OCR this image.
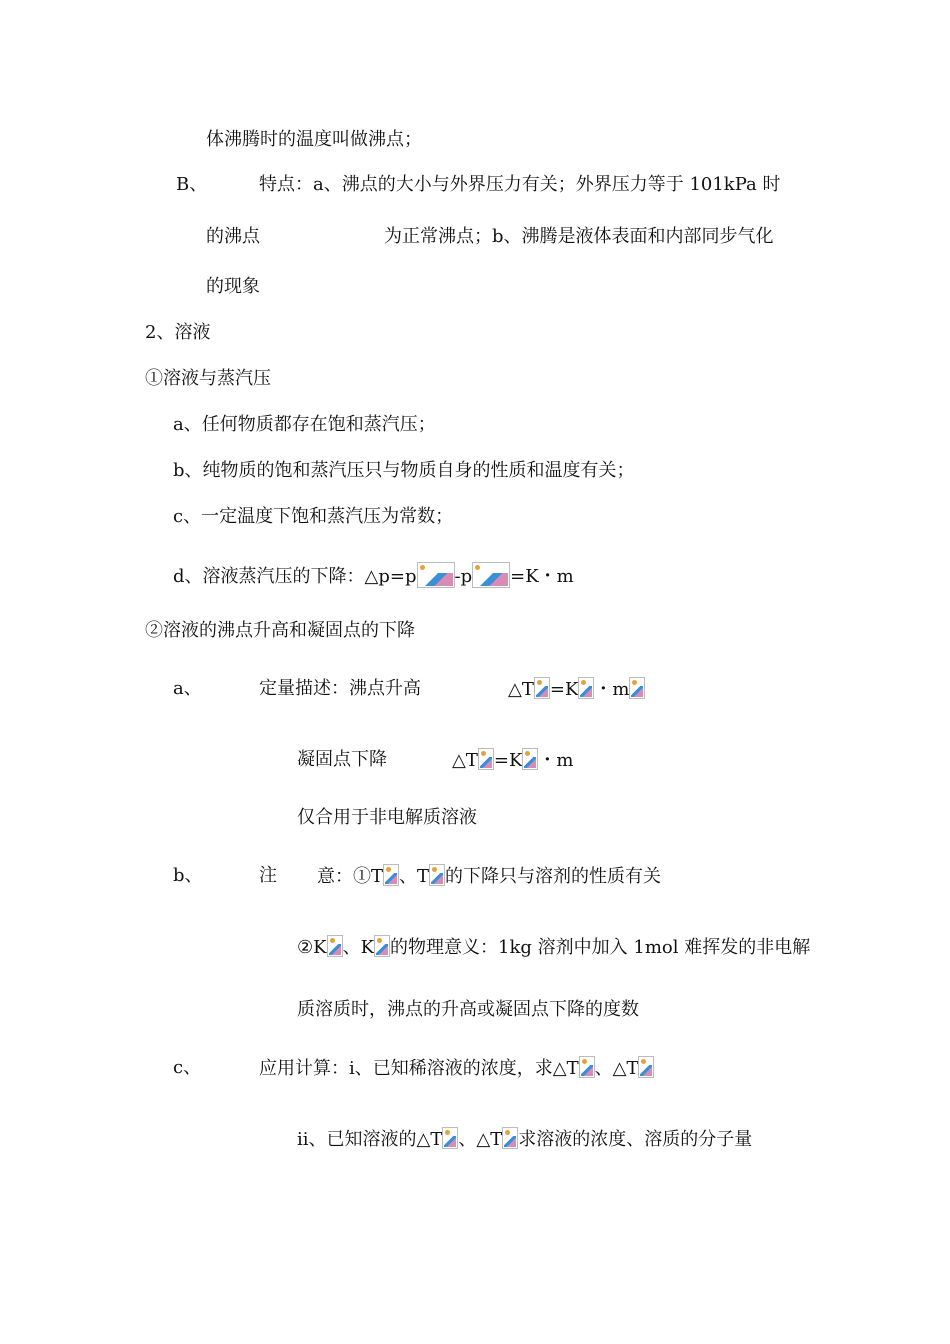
体沸腾时的温度叫做沸点；
B、	特点：a、沸点的大小与外界压力有关；外界压力等于 101kPa 时
的沸点	为正常沸点；b、沸腾是液体表面和内部同步气化
的现象
2、溶液
①溶液与蒸汽压
a、任何物质都存在饱和蒸汽压；
b、纯物质的饱和蒸汽压只与物质自身的性质和温度有关；
c、一定温度下饱和蒸汽压为常数；
d、溶液蒸汽压的下降：△p=p -p =K・m
②溶液的沸点升高和凝固点的下降
a、	定量描述：沸点升高	△T =K ・m
凝固点下降	△T =K ・m
仅合用于非电解质溶液
b、	注 意：①T 、T 的下降只与溶剂的性质有关
②K 、K 的物理意义：1kg 溶剂中加入 1mol 难挥发的非电解
质溶质时，沸点的升高或凝固点下降的度数
c、	应用计算：i、已知稀溶液的浓度，求△T 、△T
ii、已知溶液的△T 、△T 求溶液的浓度、溶质的分子量
